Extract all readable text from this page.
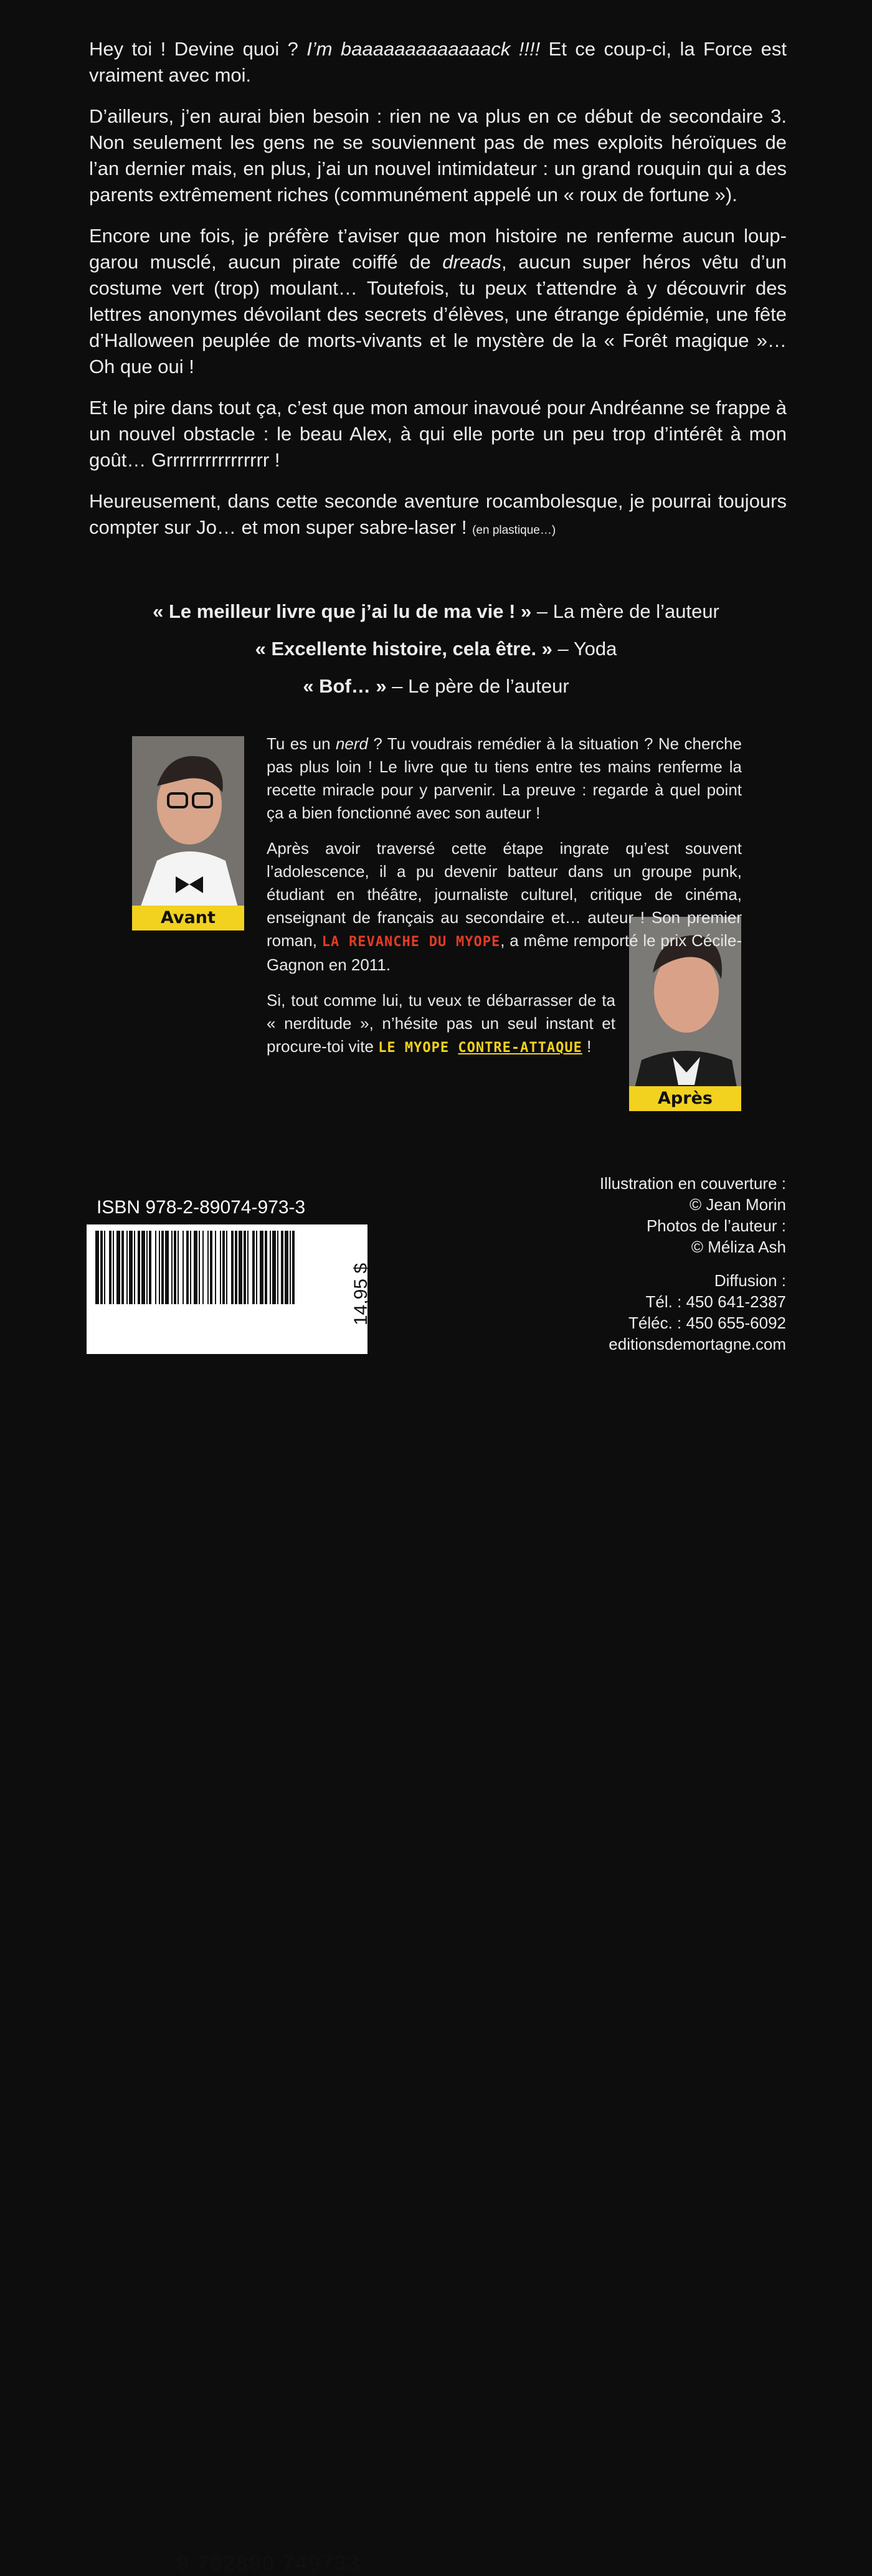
Hey toi ! Devine quoi ? I’m baaaaaaaaaaaaack !!!! Et ce coup-ci, la Force est vraiment avec moi.

D’ailleurs, j’en aurai bien besoin : rien ne va plus en ce début de secondaire 3. Non seulement les gens ne se souviennent pas de mes exploits héroïques de l’an dernier mais, en plus, j’ai un nouvel intimidateur : un grand rouquin qui a des parents extrêmement riches (communément appelé un « roux de fortune »).

Encore une fois, je préfère t’aviser que mon histoire ne renferme aucun loup-garou musclé, aucun pirate coiffé de dreads, aucun super héros vêtu d’un costume vert (trop) moulant… Toutefois, tu peux t’attendre à y découvrir des lettres anonymes dévoilant des secrets d’élèves, une étrange épidémie, une fête d’Halloween peuplée de morts-vivants et le mystère de la « Forêt magique »… Oh que oui !

Et le pire dans tout ça, c’est que mon amour inavoué pour Andréanne se frappe à un nouvel obstacle : le beau Alex, à qui elle porte un peu trop d’intérêt à mon goût… Grrrrrrrrrrrrrrrr !

Heureusement, dans cette seconde aventure rocambolesque, je pourrai toujours compter sur Jo… et mon super sabre-laser ! (en plastique…)

« Le meilleur livre que j’ai lu de ma vie ! » – La mère de l’auteur
« Excellente histoire, cela être. » – Yoda
« Bof… » – Le père de l’auteur
Avant
Après

Tu es un nerd ? Tu voudrais remédier à la situation ? Ne cherche pas plus loin ! Le livre que tu tiens entre tes mains renferme la recette miracle pour y parvenir. La preuve : regarde à quel point ça a bien fonctionné avec son auteur !

Après avoir traversé cette étape ingrate qu’est souvent l’adolescence, il a pu devenir batteur dans un groupe punk, étudiant en théâtre, journaliste culturel, critique de cinéma, enseignant de français au secondaire et… auteur ! Son premier roman, LA REVANCHE DU MYOPE, a même remporté le prix Cécile-Gagnon en 2011.

Si, tout comme lui, tu veux te débarrasser de ta « nerditude », n’hésite pas un seul instant et procure-toi vite LE MYOPE CONTRE-ATTAQUE !

ISBN 978-2-89074-973-3
9 782890 749733
14,95 $
Illustration en couverture :
© Jean Morin
Photos de l’auteur :
© Méliza Ash
Diffusion :
Tél. : 450 641-2387
Téléc. : 450 655-6092
editionsdemortagne.com
